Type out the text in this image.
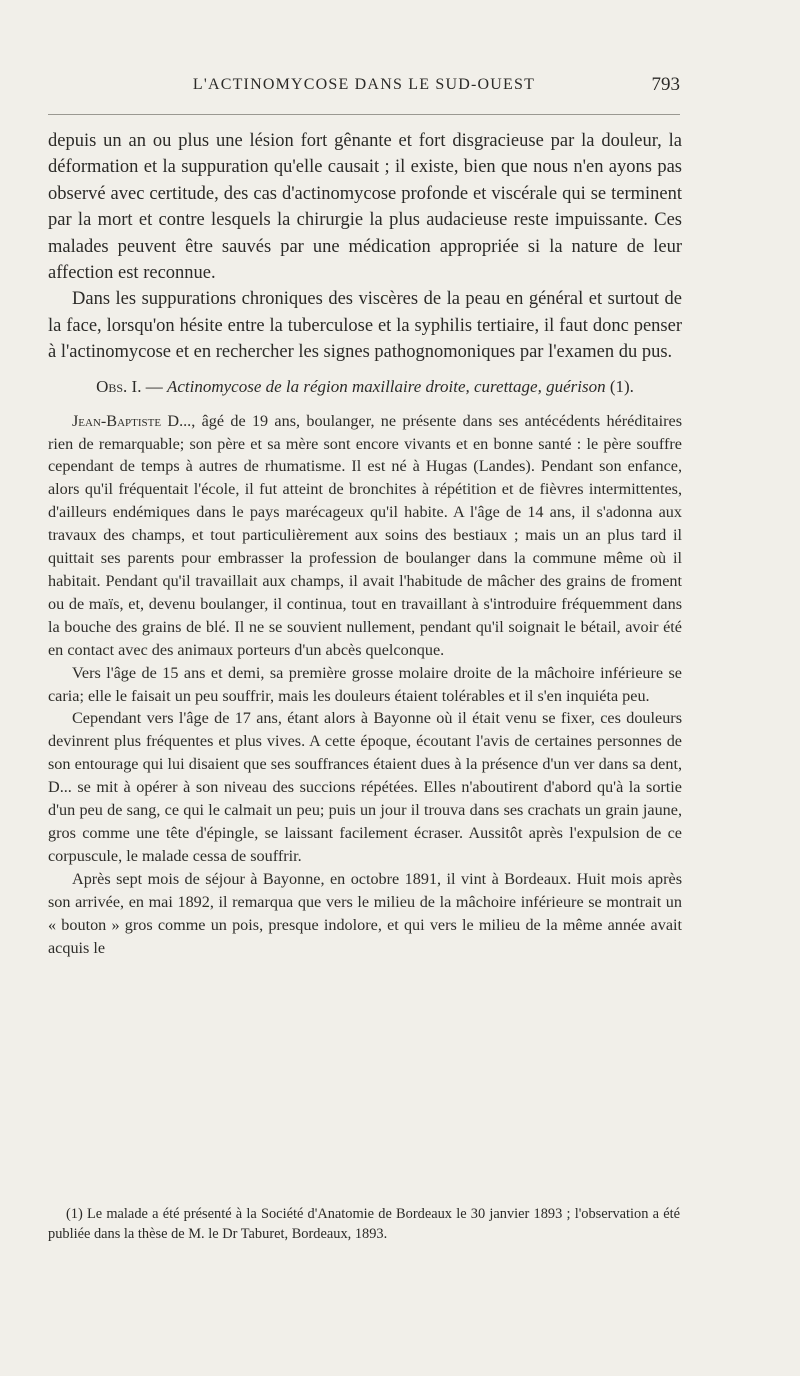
L'ACTINOMYCOSE DANS LE SUD-OUEST	793

depuis un an ou plus une lésion fort gênante et fort disgracieuse par la douleur, la déformation et la suppuration qu'elle causait ; il existe, bien que nous n'en ayons pas observé avec certitude, des cas d'actinomycose profonde et viscérale qui se terminent par la mort et contre lesquels la chirurgie la plus audacieuse reste impuissante. Ces malades peuvent être sauvés par une médication appropriée si la nature de leur affection est reconnue.

Dans les suppurations chroniques des viscères de la peau en général et surtout de la face, lorsqu'on hésite entre la tuberculose et la syphilis tertiaire, il faut donc penser à l'actinomycose et en rechercher les signes pathognomoniques par l'examen du pus.

Obs. I. — Actinomycose de la région maxillaire droite, curettage, guérison (1).

Jean-Baptiste D..., âgé de 19 ans, boulanger, ne présente dans ses antécédents héréditaires rien de remarquable; son père et sa mère sont encore vivants et en bonne santé : le père souffre cependant de temps à autres de rhumatisme. Il est né à Hugas (Landes). Pendant son enfance, alors qu'il fréquentait l'école, il fut atteint de bronchites à répétition et de fièvres intermittentes, d'ailleurs endémiques dans le pays marécageux qu'il habite. A l'âge de 14 ans, il s'adonna aux travaux des champs, et tout particulièrement aux soins des bestiaux ; mais un an plus tard il quittait ses parents pour embrasser la profession de boulanger dans la commune même où il habitait. Pendant qu'il travaillait aux champs, il avait l'habitude de mâcher des grains de froment ou de maïs, et, devenu boulanger, il continua, tout en travaillant à s'introduire fréquemment dans la bouche des grains de blé. Il ne se souvient nullement, pendant qu'il soignait le bétail, avoir été en contact avec des animaux porteurs d'un abcès quelconque.

Vers l'âge de 15 ans et demi, sa première grosse molaire droite de la mâchoire inférieure se caria; elle le faisait un peu souffrir, mais les douleurs étaient tolérables et il s'en inquiéta peu.

Cependant vers l'âge de 17 ans, étant alors à Bayonne où il était venu se fixer, ces douleurs devinrent plus fréquentes et plus vives. A cette époque, écoutant l'avis de certaines personnes de son entourage qui lui disaient que ses souffrances étaient dues à la présence d'un ver dans sa dent, D... se mit à opérer à son niveau des succions répétées. Elles n'aboutirent d'abord qu'à la sortie d'un peu de sang, ce qui le calmait un peu; puis un jour il trouva dans ses crachats un grain jaune, gros comme une tête d'épingle, se laissant facilement écraser. Aussitôt après l'expulsion de ce corpuscule, le malade cessa de souffrir.

Après sept mois de séjour à Bayonne, en octobre 1891, il vint à Bordeaux. Huit mois après son arrivée, en mai 1892, il remarqua que vers le milieu de la mâchoire inférieure se montrait un « bouton » gros comme un pois, presque indolore, et qui vers le milieu de la même année avait acquis le

(1) Le malade a été présenté à la Société d'Anatomie de Bordeaux le 30 janvier 1893 ; l'observation a été publiée dans la thèse de M. le Dr Taburet, Bordeaux, 1893.
